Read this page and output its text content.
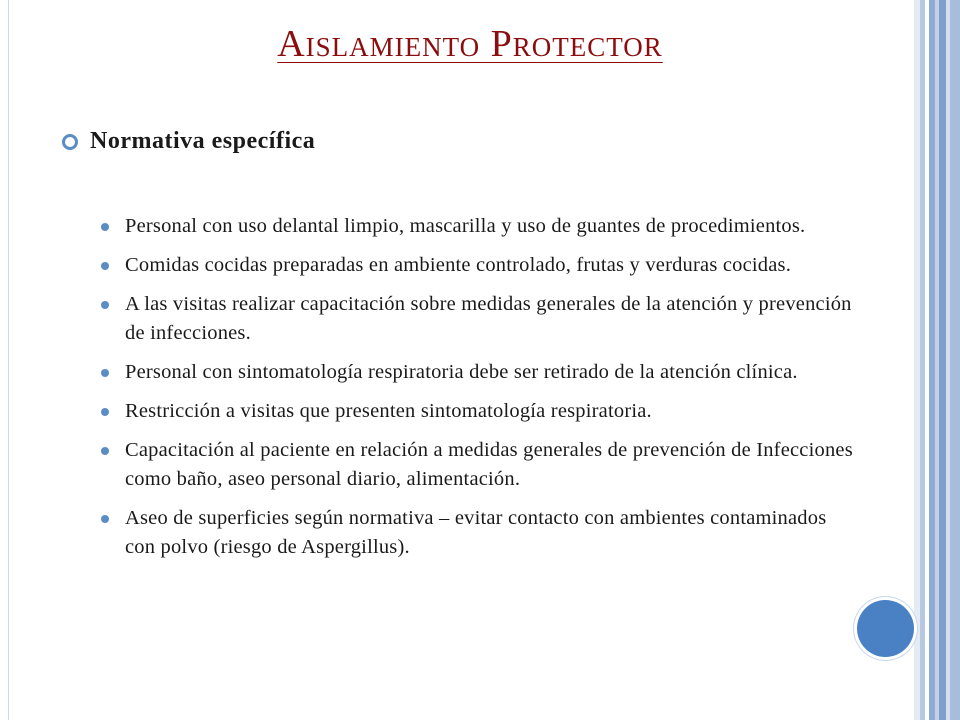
Aislamiento Protector
Normativa específica
Personal con uso delantal limpio, mascarilla y uso de guantes de procedimientos.
Comidas cocidas preparadas en ambiente controlado, frutas y verduras cocidas.
A las visitas realizar capacitación sobre medidas generales de la atención y prevención de infecciones.
Personal con sintomatología respiratoria debe ser retirado de la atención clínica.
Restricción a visitas que presenten sintomatología respiratoria.
Capacitación al paciente en relación a medidas generales de prevención de Infecciones como baño, aseo personal diario, alimentación.
Aseo de superficies según normativa – evitar contacto con ambientes contaminados con polvo (riesgo de Aspergillus).
